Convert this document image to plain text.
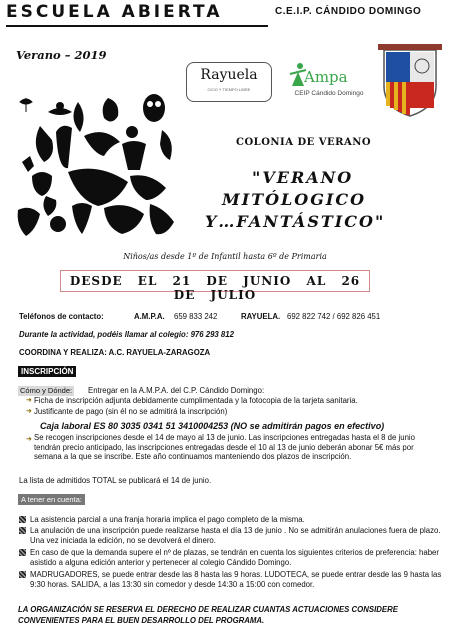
ESCUELA ABIERTA	C.E.I.P. CÁNDIDO DOMINGO
Verano – 2019
Rayuela
OCIO Y TIEMPO LIBRE
Ampa
CEIP Cándido Domingo
COLONIA DE VERANO
"VERANO
MITÓLOGICO
Y…FANTÁSTICO"
Niños/as desde 1º de Infantil hasta 6º de Primaria
DESDE EL 21 DE JUNIO AL 26 DE JULIO
Teléfonos de contacto:	A.M.P.A. 659 833 242	RAYUELA. 692 822 742 / 692 826 451
Durante la actividad, podéis llamar al colegio: 976 293 812
COORDINA Y REALIZA: A.C. RAYUELA-ZARAGOZA
INSCRIPCIÓN
Cómo y Dónde: Entregar en la A.M.P.A. del C.P. Cándido Domingo:
➜ Ficha de inscripción adjunta debidamente cumplimentada y la fotocopia de la tarjeta sanitaria.
➜ Justificante de pago (sin él no se admitirá la inscripción)
Caja laboral ES 80 3035 0341 51 3410004253 (NO se admitirán pagos en efectivo)
➜ Se recogen inscripciones desde el 14 de mayo al 13 de junio. Las inscripciones entregadas hasta el 8 de junio tendrán precio anticipado, las inscripciones entregadas desde el 10 al 13 de junio deberán abonar 5€ más por semana a la que se inscribe. Este año continuamos manteniendo dos plazos de inscripción.
La lista de admitidos TOTAL se publicará el 14 de junio.
A tener en cuenta:
La asistencia parcial a una franja horaria implica el pago completo de la misma.
La anulación de una inscripción puede realizarse hasta el día 13 de junio . No se admitirán anulaciones fuera de plazo. Una vez iniciada la edición, no se devolverá el dinero.
En caso de que la demanda supere el nº de plazas, se tendrán en cuenta los siguientes criterios de preferencia: haber asistido a alguna edición anterior y pertenecer al colegio Cándido Domingo.
MADRUGADORES, se puede entrar desde las 8 hasta las 9 horas. LUDOTECA, se puede entrar desde las 9 hasta las 9:30 horas. SALIDA, a las 13:30 sin comedor y desde 14:30 a 15:00 con comedor.
LA ORGANIZACIÓN SE RESERVA EL DERECHO DE REALIZAR CUANTAS ACTUACIONES CONSIDERE CONVENIENTES PARA EL BUEN DESARROLLO DEL PROGRAMA.
